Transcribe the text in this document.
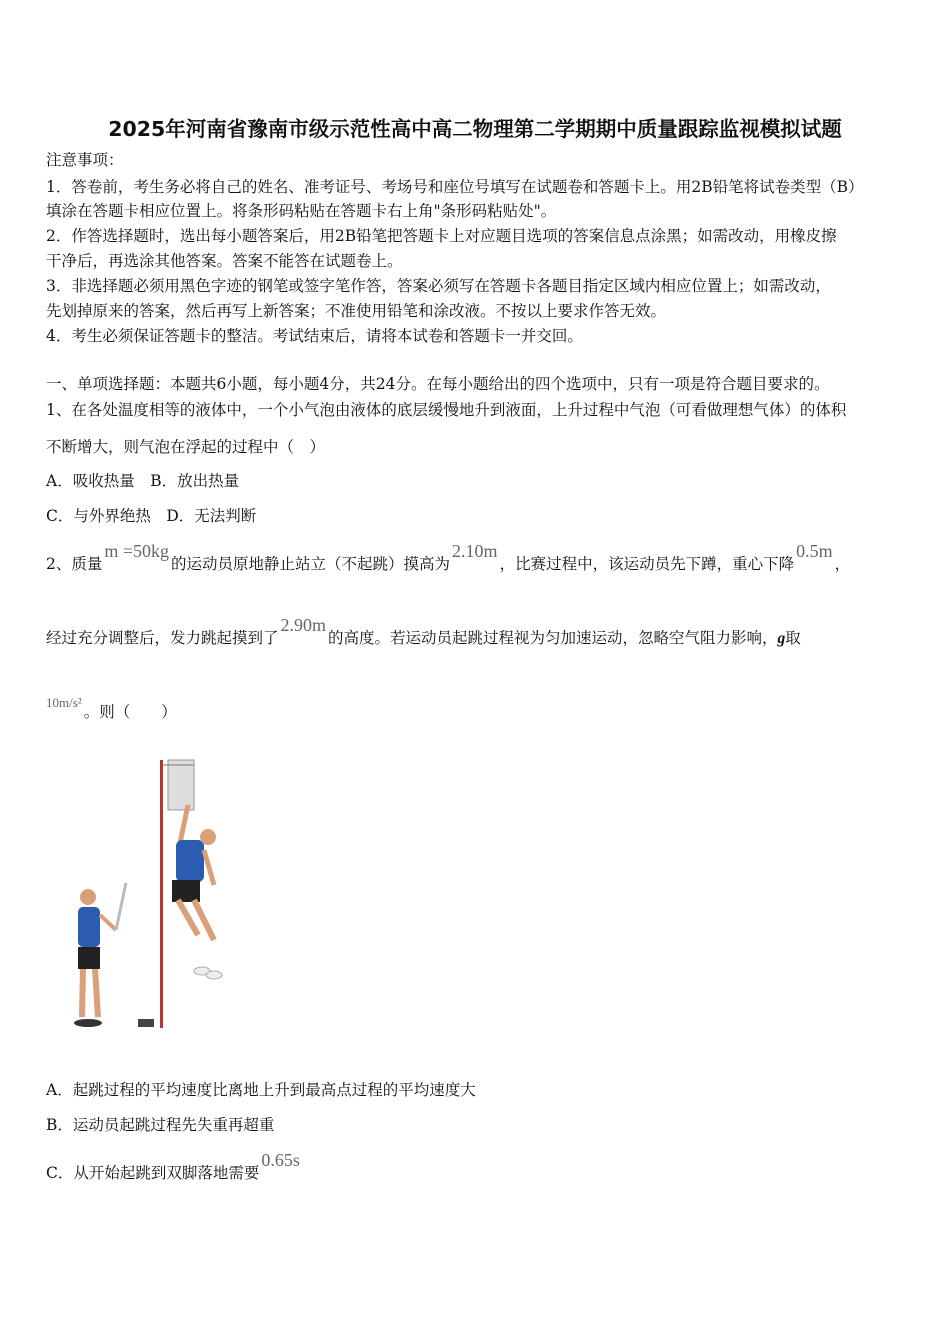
2025年河南省豫南市级示范性高中高二物理第二学期期中质量跟踪监视模拟试题
注意事项：
1．答卷前，考生务必将自己的姓名、准考证号、考场号和座位号填写在试题卷和答题卡上。用2B铅笔将试卷类型（B）
填涂在答题卡相应位置上。将条形码粘贴在答题卡右上角"条形码粘贴处"。
2．作答选择题时，选出每小题答案后，用2B铅笔把答题卡上对应题目选项的答案信息点涂黑；如需改动，用橡皮擦
干净后，再选涂其他答案。答案不能答在试题卷上。
3．非选择题必须用黑色字迹的钢笔或签字笔作答，答案必须写在答题卡各题目指定区域内相应位置上；如需改动，
先划掉原来的答案，然后再写上新答案；不准使用铅笔和涂改液。不按以上要求作答无效。
4．考生必须保证答题卡的整洁。考试结束后，请将本试卷和答题卡一并交回。
一、单项选择题：本题共6小题，每小题4分，共24分。在每小题给出的四个选项中，只有一项是符合题目要求的。
1、在各处温度相等的液体中，一个小气泡由液体的底层缓慢地升到液面，上升过程中气泡（可看做理想气体）的体积
不断增大，则气泡在浮起的过程中（　）
A．吸收热量　B．放出热量
C．与外界绝热　D．无法判断
2、质量m =50kg的运动员原地静止站立（不起跳）摸高为2.10m，比赛过程中，该运动员先下蹲，重心下降0.5m，
经过充分调整后，发力跳起摸到了2.90m的高度。若运动员起跳过程视为匀加速运动，忽略空气阻力影响，g取
$^{10m/s^2}$。则（　　）
A．起跳过程的平均速度比离地上升到最高点过程的平均速度大
B．运动员起跳过程先失重再超重
C．从开始起跳到双脚落地需要0.65s
